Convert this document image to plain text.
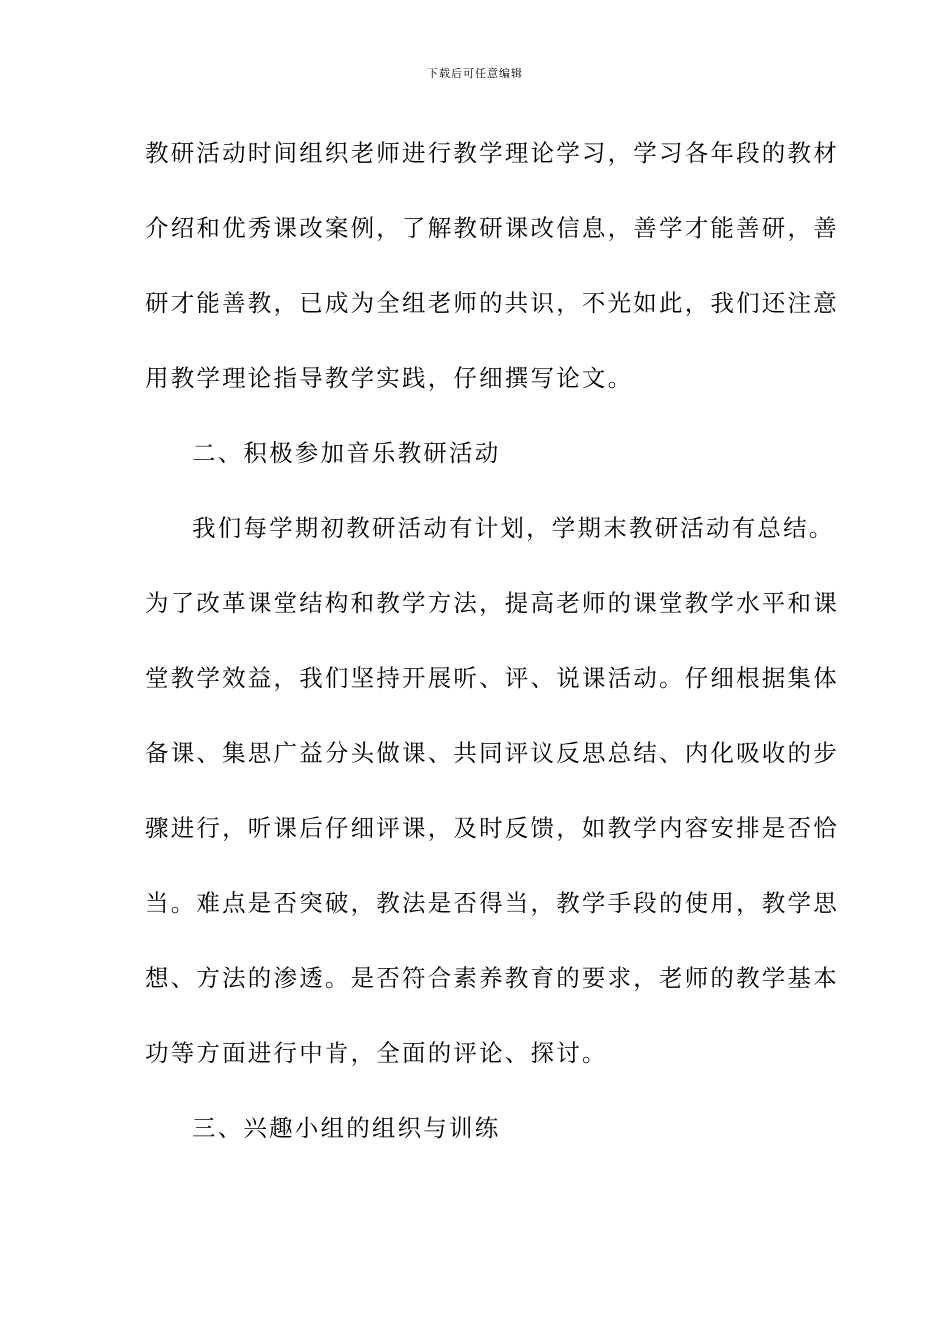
下载后可任意编辑
教研活动时间组织老师进行教学理论学习，学习各年段的教材
介绍和优秀课改案例，了解教研课改信息，善学才能善研，善
研才能善教，已成为全组老师的共识，不光如此，我们还注意
用教学理论指导教学实践，仔细撰写论文。
二、积极参加音乐教研活动
我们每学期初教研活动有计划，学期末教研活动有总结。
为了改革课堂结构和教学方法，提高老师的课堂教学水平和课
堂教学效益，我们坚持开展听、评、说课活动。仔细根据集体
备课、集思广益分头做课、共同评议反思总结、内化吸收的步
骤进行，听课后仔细评课，及时反馈，如教学内容安排是否恰
当。难点是否突破，教法是否得当，教学手段的使用，教学思
想、方法的渗透。是否符合素养教育的要求，老师的教学基本
功等方面进行中肯，全面的评论、探讨。
三、兴趣小组的组织与训练
